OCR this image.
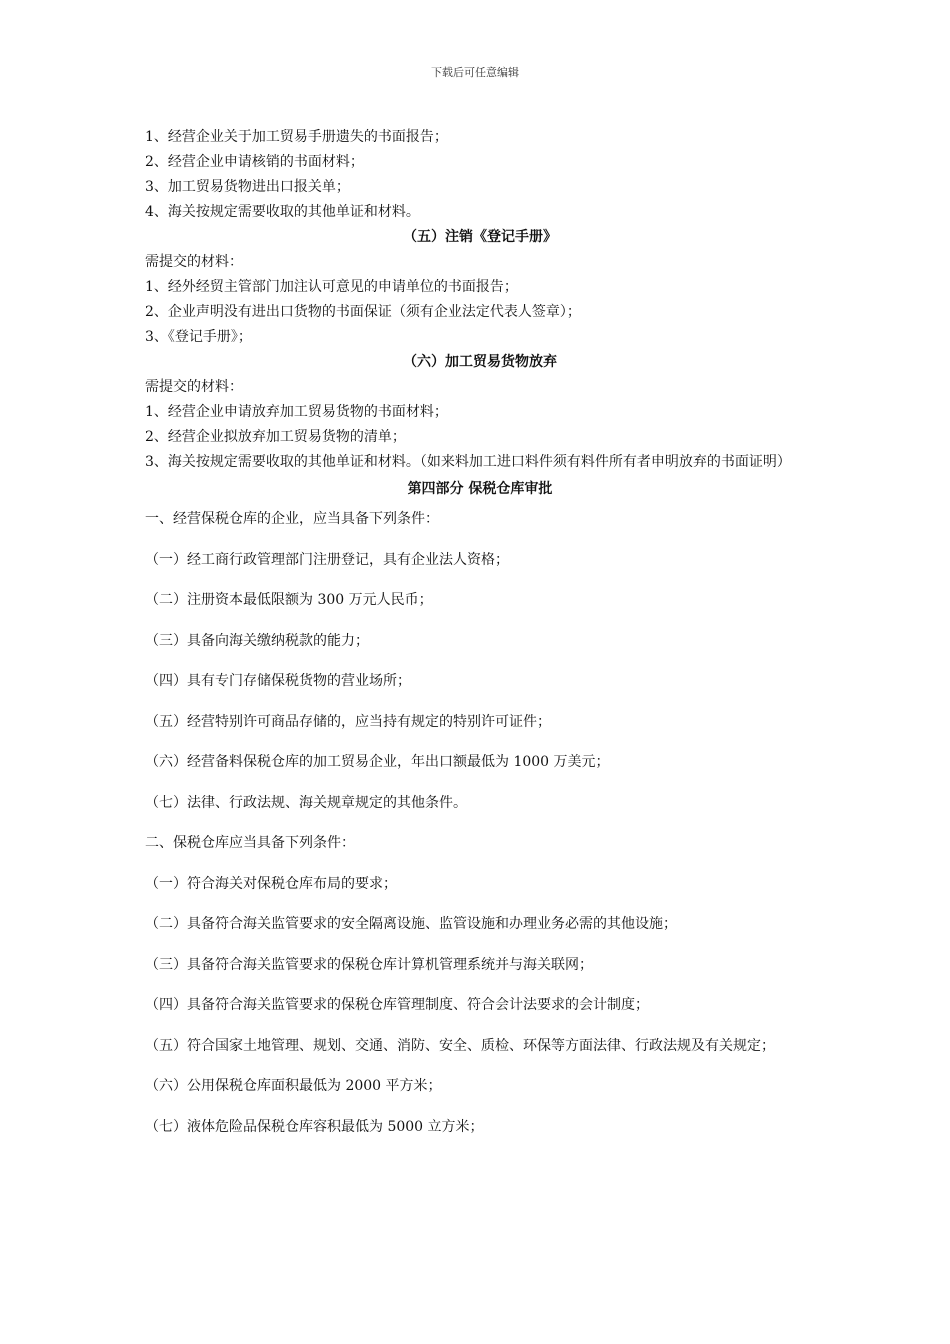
下载后可任意编辑
1、经营企业关于加工贸易手册遗失的书面报告；
2、经营企业申请核销的书面材料；
3、加工贸易货物进出口报关单；
4、海关按规定需要收取的其他单证和材料。
（五）注销《登记手册》
需提交的材料：
1、经外经贸主管部门加注认可意见的申请单位的书面报告；
2、企业声明没有进出口货物的书面保证（须有企业法定代表人签章）；
3、《登记手册》；
（六）加工贸易货物放弃
需提交的材料：
1、经营企业申请放弃加工贸易货物的书面材料；
2、经营企业拟放弃加工贸易货物的清单；
3、海关按规定需要收取的其他单证和材料。（如来料加工进口料件须有料件所有者申明放弃的书面证明）
第四部分 保税仓库审批
一、经营保税仓库的企业，应当具备下列条件：
（一）经工商行政管理部门注册登记，具有企业法人资格；
（二）注册资本最低限额为 300 万元人民币；
（三）具备向海关缴纳税款的能力；
（四）具有专门存储保税货物的营业场所；
（五）经营特别许可商品存储的，应当持有规定的特别许可证件；
（六）经营备料保税仓库的加工贸易企业，年出口额最低为 1000 万美元；
（七）法律、行政法规、海关规章规定的其他条件。
二、保税仓库应当具备下列条件：
（一）符合海关对保税仓库布局的要求；
（二）具备符合海关监管要求的安全隔离设施、监管设施和办理业务必需的其他设施；
（三）具备符合海关监管要求的保税仓库计算机管理系统并与海关联网；
（四）具备符合海关监管要求的保税仓库管理制度、符合会计法要求的会计制度；
（五）符合国家土地管理、规划、交通、消防、安全、质检、环保等方面法律、行政法规及有关规定；
（六）公用保税仓库面积最低为 2000 平方米；
（七）液体危险品保税仓库容积最低为 5000 立方米；
